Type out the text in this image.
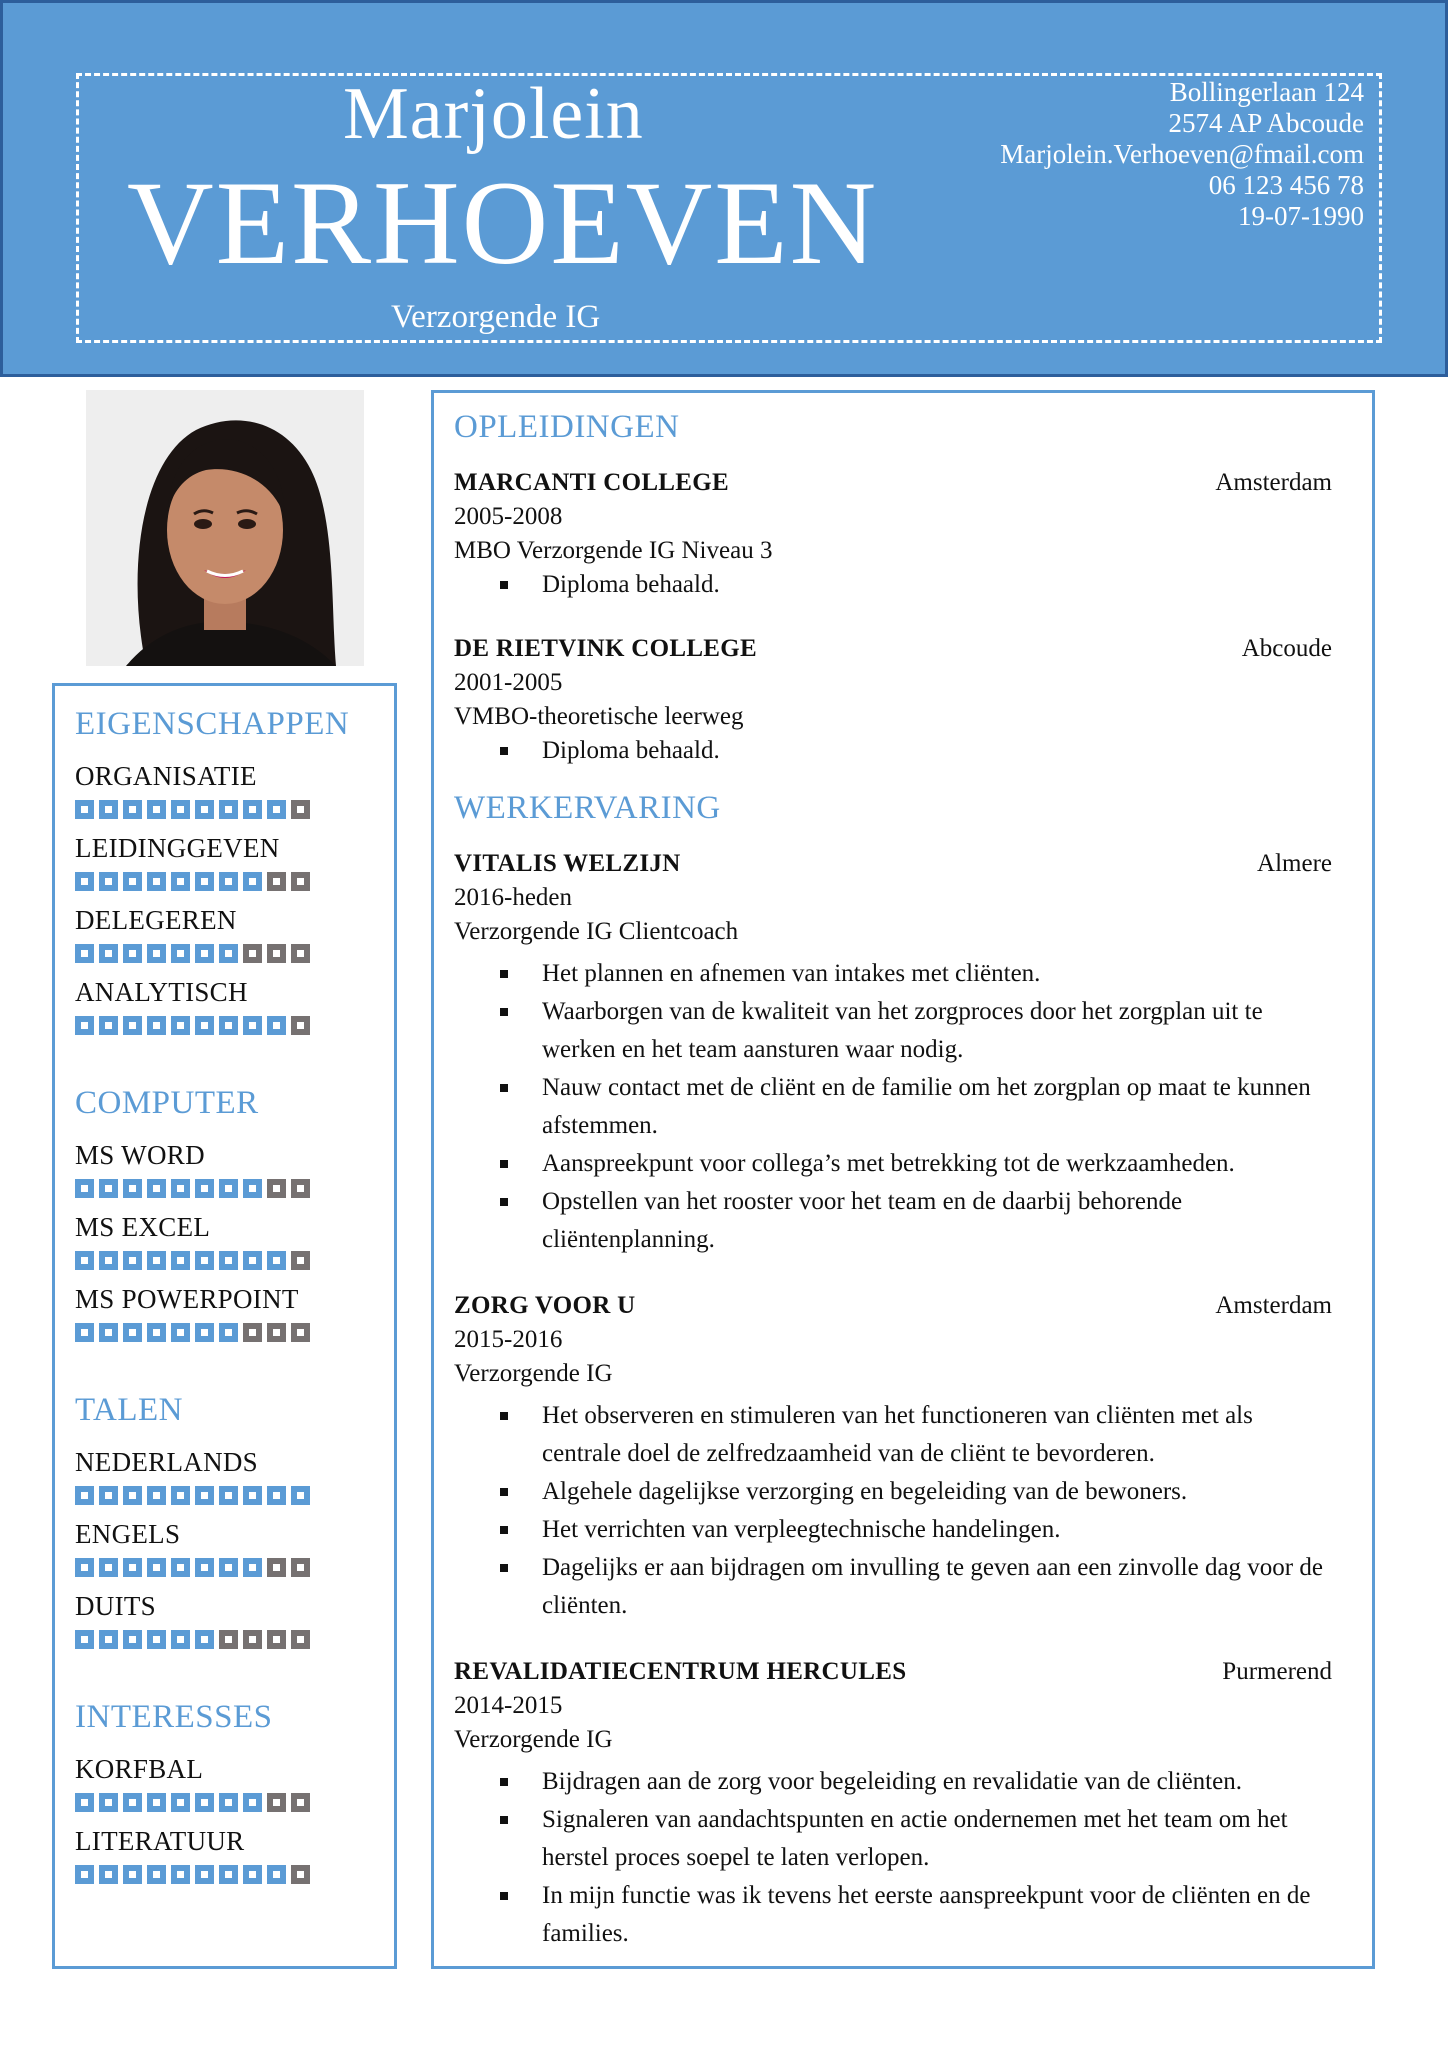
Marjolein
VERHOEVEN
Verzorgende IG
Bollingerlaan 124
2574 AP Abcoude
Marjolein.Verhoeven@fmail.com
06 123 456 78
19-07-1990
EIGENSCHAPPEN
ORGANISATIE
LEIDINGGEVEN
DELEGEREN
ANALYTISCH
COMPUTER
MS WORD
MS EXCEL
MS POWERPOINT
TALEN
NEDERLANDS
ENGELS
DUITS
INTERESSES
KORFBAL
LITERATUUR
OPLEIDINGEN
MARCANTI COLLEGE	Amsterdam
2005-2008
MBO Verzorgende IG Niveau 3
Diploma behaald.
DE RIETVINK COLLEGE	Abcoude
2001-2005
VMBO-theoretische leerweg
Diploma behaald.
WERKERVARING
VITALIS WELZIJN	Almere
2016-heden
Verzorgende IG Clientcoach
Het plannen en afnemen van intakes met cliënten.
Waarborgen van de kwaliteit van het zorgproces door het zorgplan uit te werken en het team aansturen waar nodig.
Nauw contact met de cliënt en de familie om het zorgplan op maat te kunnen afstemmen.
Aanspreekpunt voor collega’s met betrekking tot de werkzaamheden.
Opstellen van het rooster voor het team en de daarbij behorende cliëntenplanning.
ZORG VOOR U	Amsterdam
2015-2016
Verzorgende IG
Het observeren en stimuleren van het functioneren van cliënten met als centrale doel de zelfredzaamheid van de cliënt te bevorderen.
Algehele dagelijkse verzorging en begeleiding van de bewoners.
Het verrichten van verpleegtechnische handelingen.
Dagelijks er aan bijdragen om invulling te geven aan een zinvolle dag voor de cliënten.
REVALIDATIECENTRUM HERCULES	Purmerend
2014-2015
Verzorgende IG
Bijdragen aan de zorg voor begeleiding en revalidatie van de cliënten.
Signaleren van aandachtspunten en actie ondernemen met het team om het herstel proces soepel te laten verlopen.
In mijn functie was ik tevens het eerste aanspreekpunt voor de cliënten en de families.
